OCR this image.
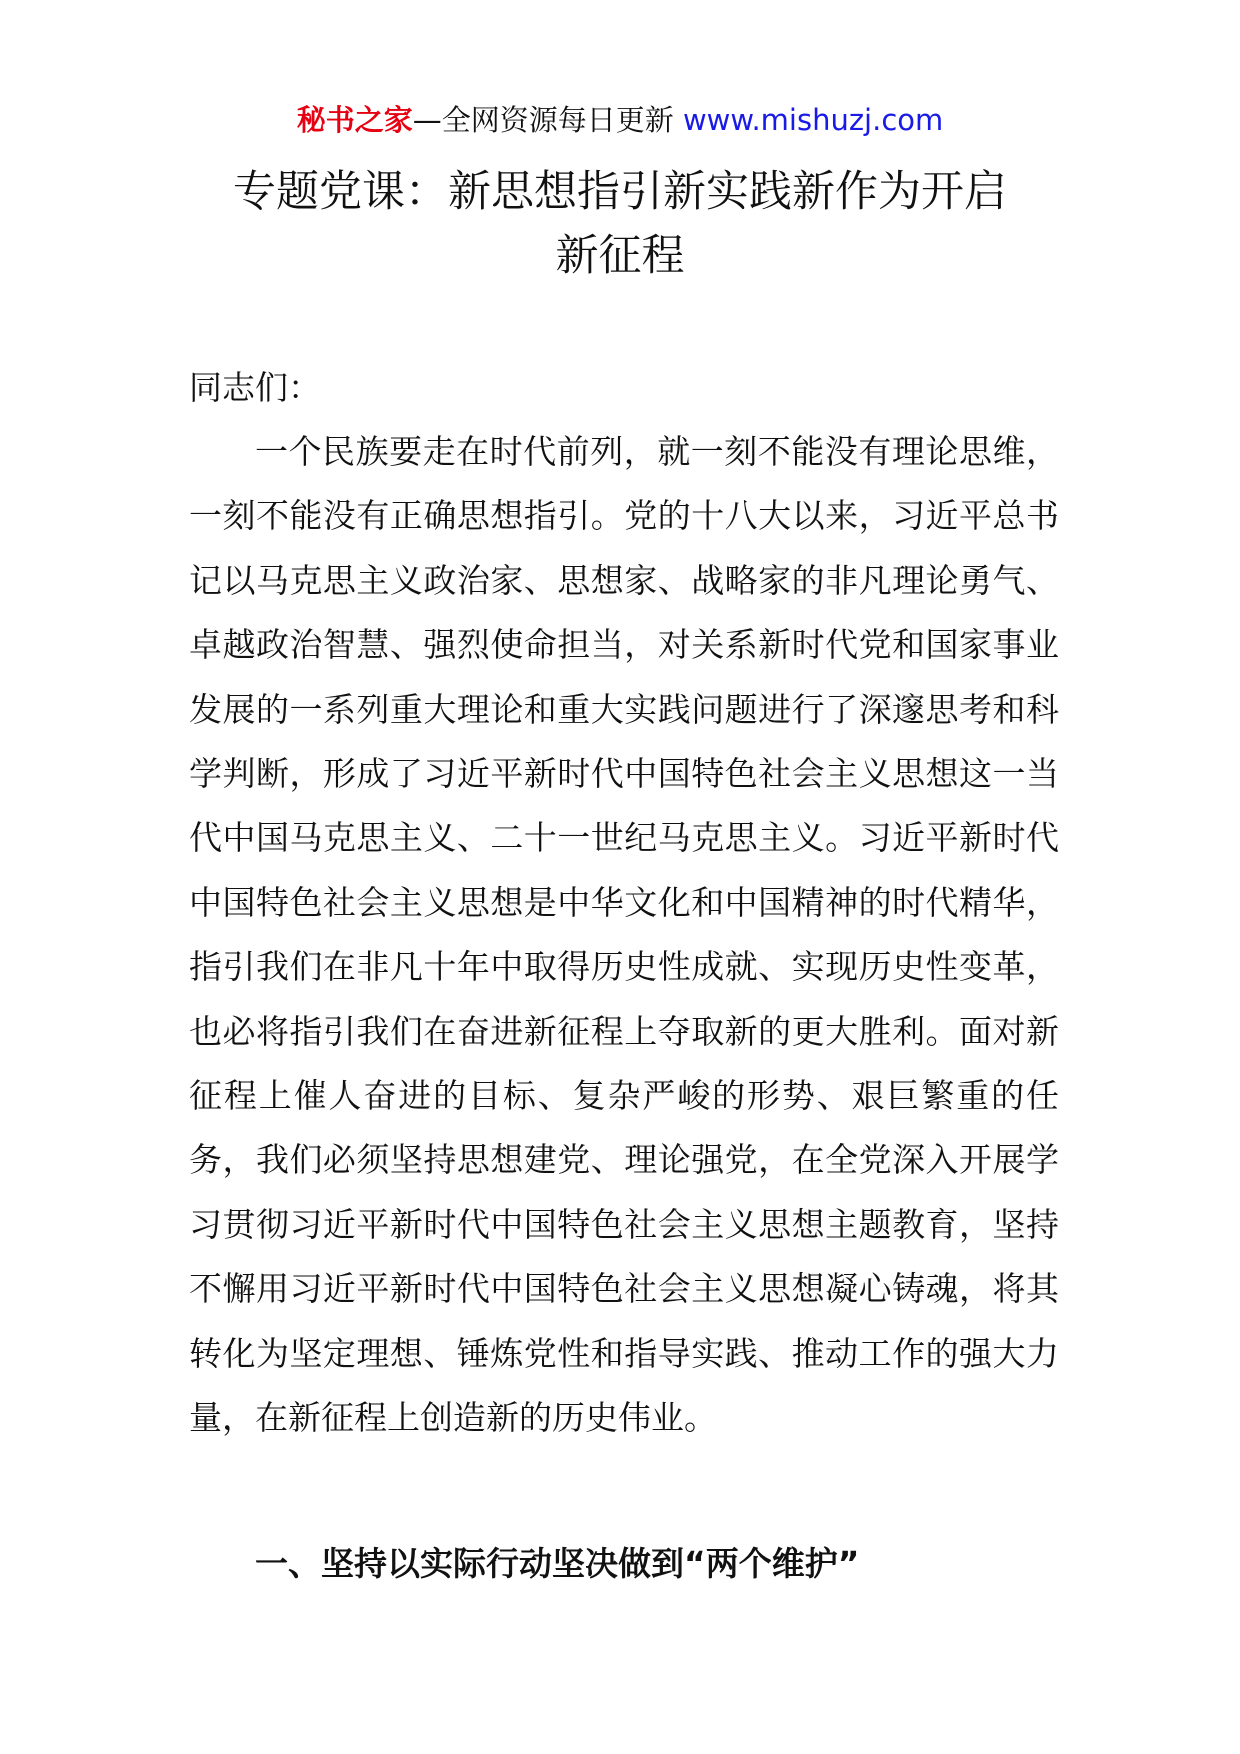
秘书之家—全网资源每日更新 www.mishuzj.com
专题党课：新思想指引新实践新作为开启
新征程

同志们：

一个民族要走在时代前列，就一刻不能没有理论思维，一刻不能没有正确思想指引。党的十八大以来，习近平总书记以马克思主义政治家、思想家、战略家的非凡理论勇气、卓越政治智慧、强烈使命担当，对关系新时代党和国家事业发展的一系列重大理论和重大实践问题进行了深邃思考和科学判断，形成了习近平新时代中国特色社会主义思想这一当代中国马克思主义、二十一世纪马克思主义。习近平新时代中国特色社会主义思想是中华文化和中国精神的时代精华，指引我们在非凡十年中取得历史性成就、实现历史性变革，也必将指引我们在奋进新征程上夺取新的更大胜利。面对新征程上催人奋进的目标、复杂严峻的形势、艰巨繁重的任务，我们必须坚持思想建党、理论强党，在全党深入开展学习贯彻习近平新时代中国特色社会主义思想主题教育，坚持不懈用习近平新时代中国特色社会主义思想凝心铸魂，将其转化为坚定理想、锤炼党性和指导实践、推动工作的强大力量，在新征程上创造新的历史伟业。

一、坚持以实际行动坚决做到“两个维护”
